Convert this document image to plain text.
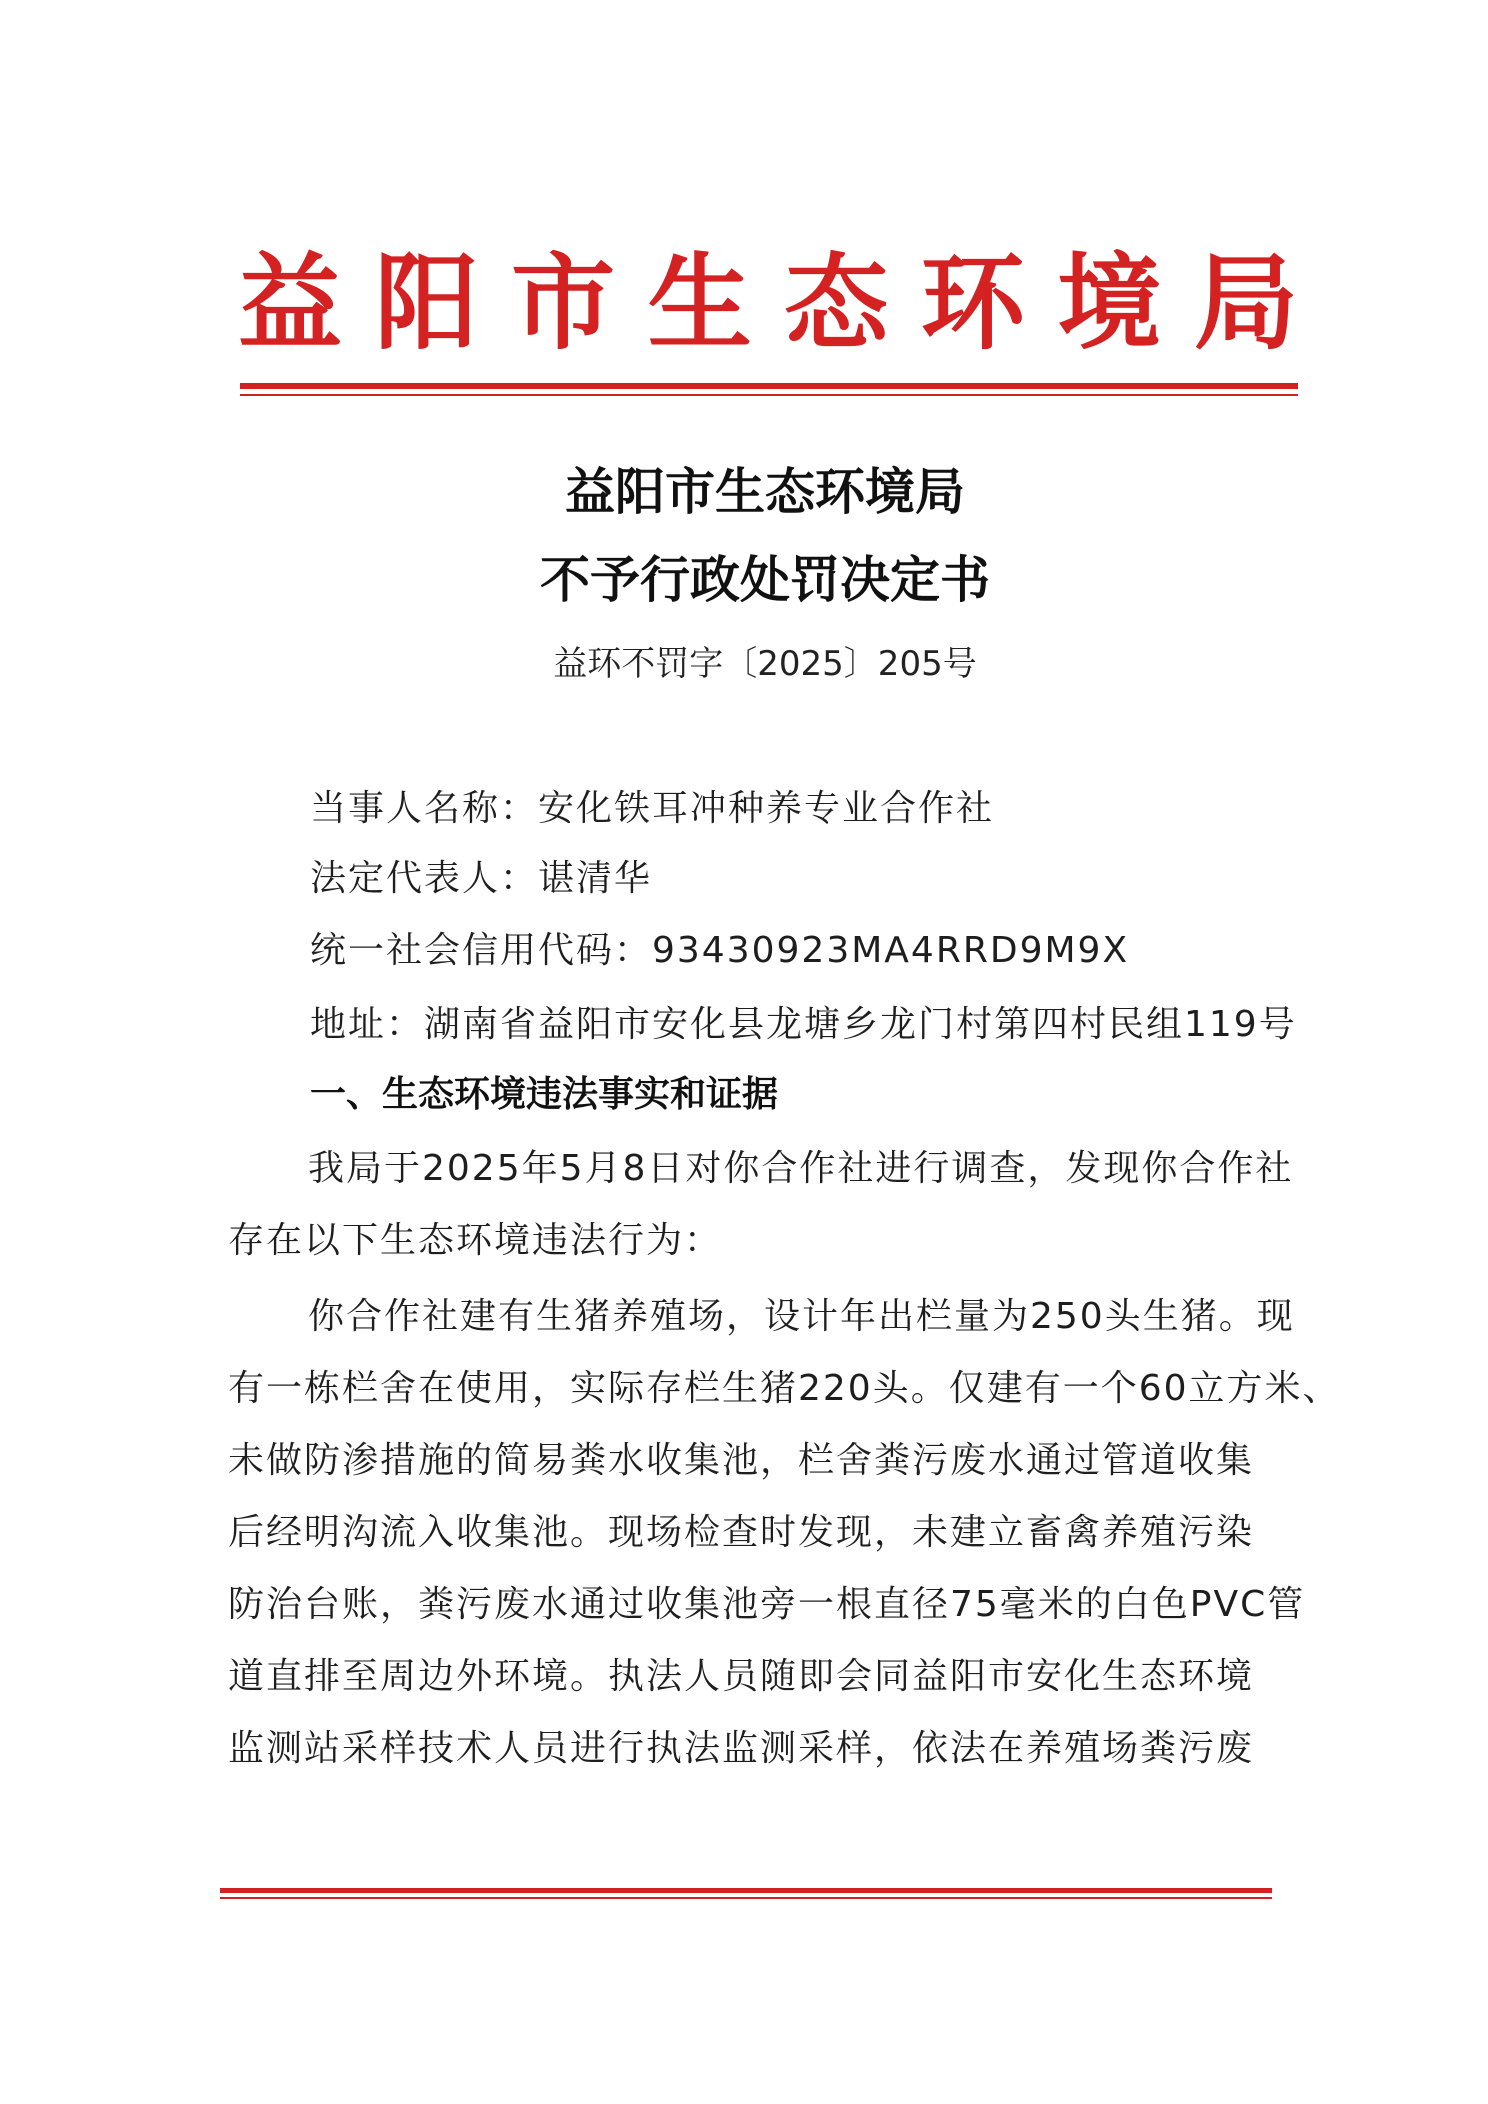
益 阳 市 生 态 环 境 局
益阳市生态环境局
不予行政处罚决定书
益环不罚字〔2025〕205号
当事人名称：安化铁耳冲种养专业合作社
法定代表人：谌清华
统一社会信用代码：93430923MA4RRD9M9X
地址：湖南省益阳市安化县龙塘乡龙门村第四村民组119号
一、生态环境违法事实和证据
我局于2025年5月8日对你合作社进行调查，发现你合作社
存在以下生态环境违法行为：
你合作社建有生猪养殖场，设计年出栏量为250头生猪。现
有一栋栏舍在使用，实际存栏生猪220头。仅建有一个60立方米、
未做防渗措施的简易粪水收集池，栏舍粪污废水通过管道收集
后经明沟流入收集池。现场检查时发现，未建立畜禽养殖污染
防治台账，粪污废水通过收集池旁一根直径75毫米的白色PVC管
道直排至周边外环境。执法人员随即会同益阳市安化生态环境
监测站采样技术人员进行执法监测采样，依法在养殖场粪污废
